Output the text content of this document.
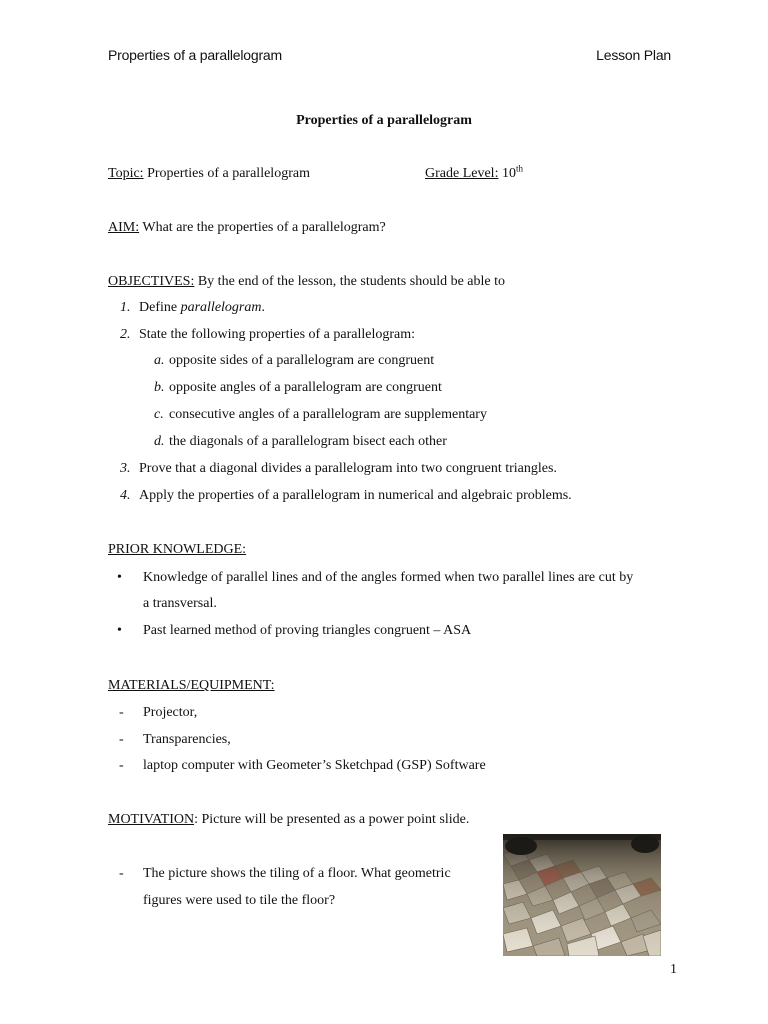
Properties of a parallelogram	Lesson Plan
Properties of a parallelogram
Topic: Properties of a parallelogram	Grade Level: 10th
AIM: What are the properties of a parallelogram?
OBJECTIVES: By the end of the lesson, the students should be able to
1. Define parallelogram.
2. State the following properties of a parallelogram:
a. opposite sides of a parallelogram are congruent
b. opposite angles of a parallelogram are congruent
c. consecutive angles of a parallelogram are supplementary
d. the diagonals of a parallelogram bisect each other
3. Prove that a diagonal divides a parallelogram into two congruent triangles.
4. Apply the properties of a parallelogram in numerical and algebraic problems.
PRIOR KNOWLEDGE:
• Knowledge of parallel lines and of the angles formed when two parallel lines are cut by
a transversal.
• Past learned method of proving triangles congruent – ASA
MATERIALS/EQUIPMENT:
- Projector,
- Transparencies,
- laptop computer with Geometer’s Sketchpad (GSP) Software
MOTIVATION: Picture will be presented as a power point slide.
- The picture shows the tiling of a floor. What geometric
figures were used to tile the floor?
1
